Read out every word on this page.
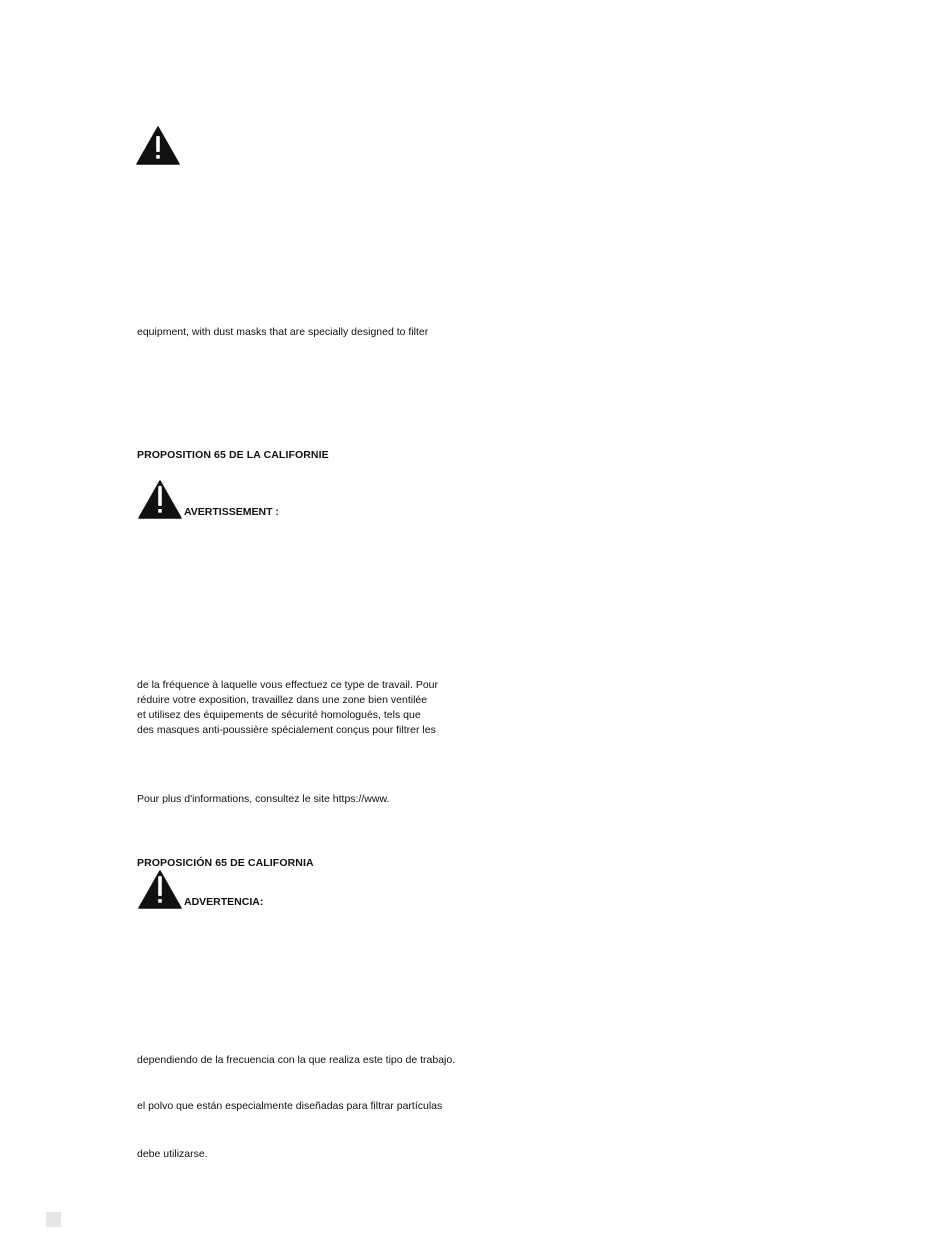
equipment, with dust masks that are specially designed to filter
PROPOSITION 65 DE LA CALIFORNIE
AVERTISSEMENT :
de la fréquence à laquelle vous effectuez ce type de travail. Pour
réduire votre exposition, travaillez dans une zone bien ventilée
et utilisez des équipements de sécurité homologués, tels que
des masques anti-poussière spécialement conçus pour filtrer les
Pour plus d'informations, consultez le site https://www.
PROPOSICIÓN 65 DE CALIFORNIA
ADVERTENCIA:
dependiendo de la frecuencia con la que realiza este tipo de trabajo.
el polvo que están especialmente diseñadas para filtrar partículas
debe utilizarse.
